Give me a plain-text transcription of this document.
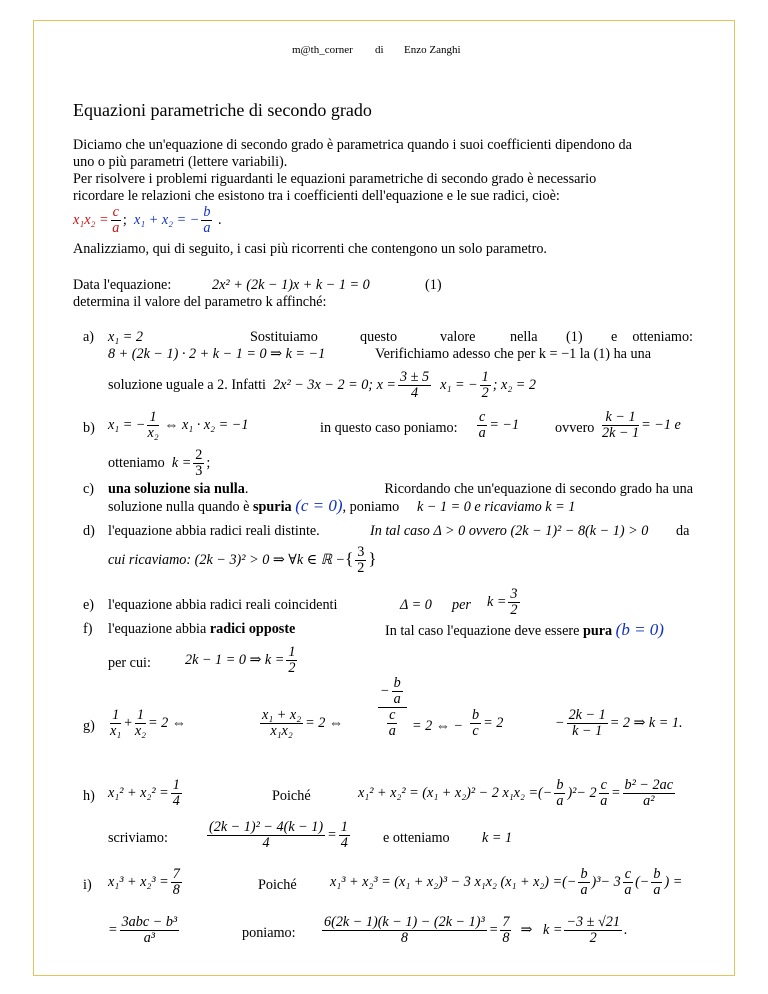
m@th_corner di Enzo Zanghi
Equazioni parametriche di secondo grado
Diciamo che un'equazione di secondo grado è parametrica quando i suoi coefficienti dipendono da
uno o più parametri (lettere variabili).
Per risolvere i problemi riguardanti le equazioni parametriche di secondo grado è necessario
ricordare le relazioni che esistono tra i coefficienti dell'equazione e le sue radici, cioè:
$x_1x_2 = \frac{c}{a}$ ; x₁ + x₂ = − $\frac{b}{a}$ .
Analizziamo, qui di seguito, i casi più ricorrenti che contengono un solo parametro.
Data l'equazione:	2x² + (2k − 1)x + k − 1 = 0	(1)
determina il valore del parametro k affinché:
a) x₁ = 2	Sostituiamo	questo	valore nella (1) e	otteniamo:
8 + (2k − 1) · 2 + k − 1 = 0 ⇒ k = −1	Verifichiamo adesso che per k = −1 la (1) ha una
soluzione uguale a 2. Infatti 2x² − 3x − 2 = 0; $x = \frac{3 \pm 5}{4} x_1$ = − $\frac{1}{2}$ ; x₂ = 2
b) x₁ = − $\frac{1}{\text{x₂}}$ ⇔ x₁ · x₂ = −1	in questo caso poniamo: $\frac{c}{a} = -1$	ovvero $\frac{k - 1}{2k - 1} = -1$ e
otteniamo $k = \frac{2}{3}$ ;
c) una soluzione sia nulla.	Ricordando che un'equazione di secondo grado ha una
soluzione nulla quando è spuria (c = 0), poniamo k − 1 = 0 e ricaviamo k = 1
d) l'equazione abbia radici reali distinte.	In tal caso Δ > 0 ovvero (2k − 1)² − 8(k − 1) > 0 da
cui ricaviamo: (2k − 3)² > 0 ⇒ ∀k ∈ ℝ −{ $\frac{3}{2}$ }
e) l'equazione abbia radici reali coincidenti	Δ = 0 per $k = \frac{3}{2}$
f) l'equazione abbia radici opposte	In tal caso l'equazione deve essere pura (b = 0)
per cui: 2k − 1 = 0 ⇒ $k = \frac{1}{2}$
$g) \frac{1}{\text{x₁}} + \frac{1}{\text{x₂}} = 2$ ⇔	$\frac{\text{x₁ + x₂}}{\text{x₁x₂}} = 2$ ⇔ $\frac{- \frac{b}{a}}{\frac{c}{a}} = 2$ ⇔ − $\frac{b}{c} = 2$	− $\frac{2k - 1}{k - 1} = 2$ ⇒ k = 1.
h) $x_1^2 + x_2^2 = \frac{1}{4}$	Poiché	x₁² + x₂² = (x₁ + x₂)² − 2 x₁x₂ =(− $\frac{b}{a} )^2- 2 \frac{c}{a} = \frac{\text{b² − 2ac}}{\text{a²}}$
scriviamo:	$\frac{\text{(2k − 1)² − 4(k − 1)}}{4} = \frac{1}{4}$ e otteniamo k = 1
i) $x_1^3 + x_2^3 = \frac{7}{8}$	Poiché x₁³ + x₂³ = (x₁ + x₂)³ − 3 x₁x₂ (x₁ + x₂) =(− $\frac{b}{a} )^3- 3 \frac{c}{a}$ (− $\frac{b}{a}$ ) =
= $\frac{\text{3abc − b³}}{\text{a³}}$	poniamo: $\frac{\text{6(2k − 1)(k − 1) − (2k − 1)³}}{8} = \frac{7}{8}$ ⇒ $k = \frac{-3 \pm √21}{2}$ .
